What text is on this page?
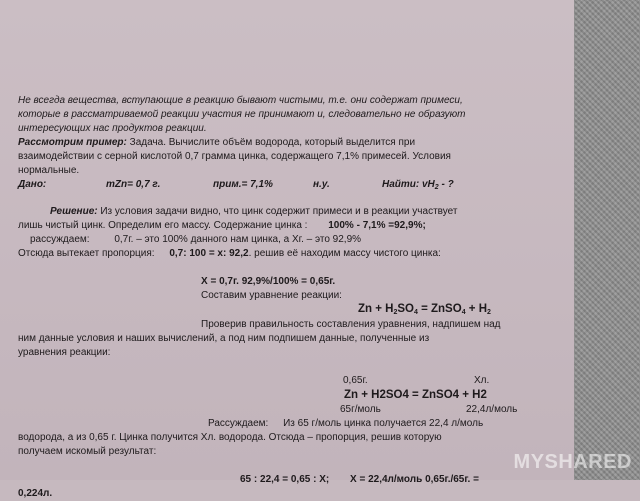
MYSHARED
Не всегда вещества, вступающие в реакцию бывают чистыми, т.е. они содержат примеси,
которые в рассматриваемой реакции участия не принимают и, следовательно не образуют
интересующих нас продуктов реакции.
Рассмотрим пример: Задача. Вычислите объём водорода, который выделится при
взаимодействии с серной кислотой 0,7 грамма цинка, содержащего 7,1% примесей. Условия
нормальные.
Дано:	mZn= 0,7 г.	прим.= 7,1%	н.у.	Найти: $vH_2$ - ?
Решение: Из условия задачи видно, что цинк содержит примеси и в реакции участвует
лишь чистый цинк. Определим его массу. Содержание цинка : 100% - 7,1% =92,9%;
рассуждаем: 0,7г. – это 100% данного нам цинка, а Хг. – это 92,9%
Отсюда вытекает пропорция: 0,7: 100 = х: 92,2. решив её находим массу чистого цинка:
Х = 0,7г. 92,9%/100% = 0,65г.
Составим уравнение реакции:
$Zn + H_2SO_4$ = ZnSO$_4$ + $H_2$
Проверив правильность составления уравнения, надпишем над
ним данные условия и наших вычислений, а под ним подпишем данные, полученные из
уравнения реакции:
0,65г.	Хл.
Zn + H2SO4 = ZnSO4 + H2
65г/моль	22,4л/моль
Рассуждаем: Из 65 г/моль цинка получается 22,4 л/моль
водорода, а из 0,65 г. Цинка получится Хл. водорода. Отсюда – пропорция, решив которую
получаем искомый результат:
65 : 22,4 = 0,65 : Х; Х = 22,4л/моль 0,65г./65г. =
0,224л.
